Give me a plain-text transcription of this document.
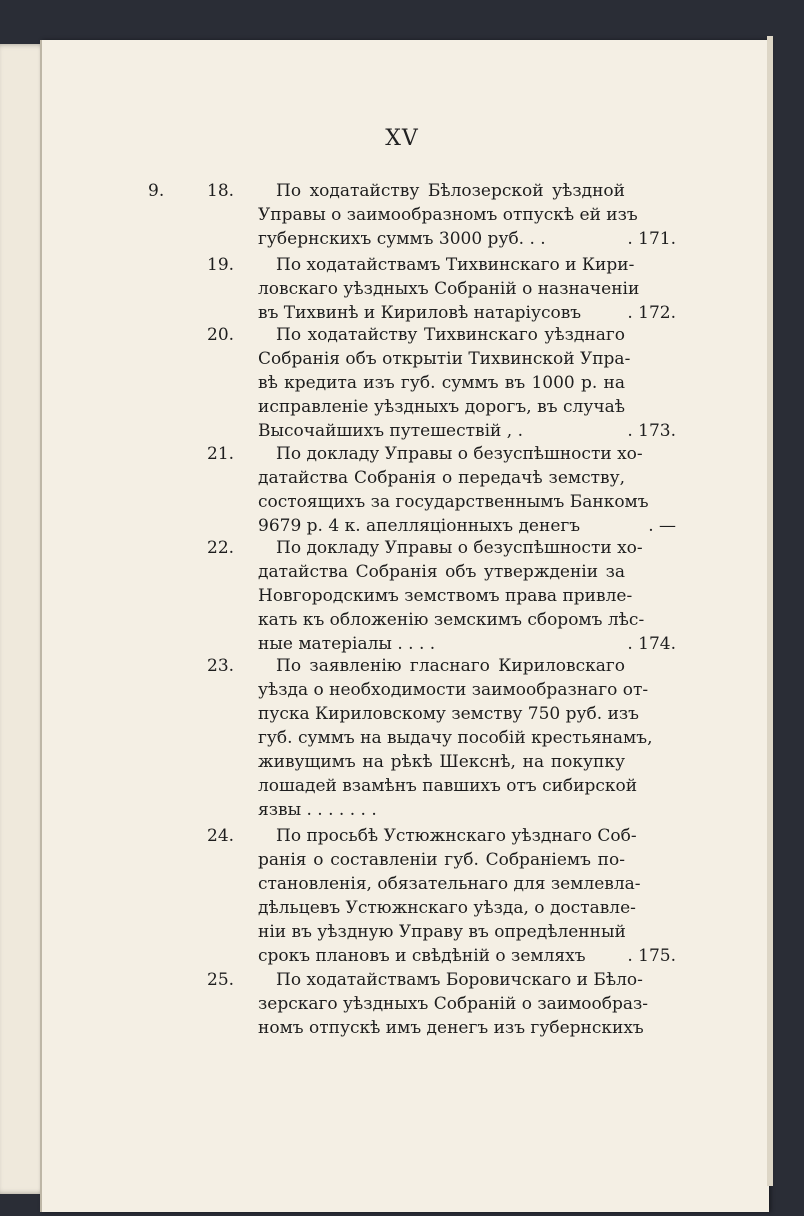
XV
9.	18. По ходатайству Бѣлозерской уѣздной
Управы о заимообразномъ отпускѣ ей изъ
губернскихъ суммъ 3000 руб. . .	. 171.
19. По ходатайствамъ Тихвинскаго и Кири-
ловскаго уѣздныхъ Собраній о назначеніи
въ Тихвинѣ и Кириловѣ натаріусовъ	. 172.
20. По ходатайству Тихвинскаго уѣзднаго
Собранія объ открытіи Тихвинской Упра-
вѣ кредита изъ губ. суммъ въ 1000 р. на
исправленіе уѣздныхъ дорогъ, въ случаѣ
Высочайшихъ путешествій , .	. 173.
21. По докладу Управы о безуспѣшности хо-
датайства Собранія о передачѣ земству,
состоящихъ за государственнымъ Банкомъ
9679 р. 4 к. апелляціонныхъ денегъ	. —
22. По докладу Управы о безуспѣшности хо-
датайства Собранія объ утвержденіи за
Новгородскимъ земствомъ права привле-
кать къ обложенію земскимъ сборомъ лѣс-
ные матеріалы . . . .	. 174.
23. По заявленію гласнаго Кириловскаго
уѣзда о необходимости заимообразнаго от-
пуска Кириловскому земству 750 руб. изъ
губ. суммъ на выдачу пособій крестьянамъ,
живущимъ на рѣкѣ Шекснѣ, на покупку
лошадей взамѣнъ павшихъ отъ сибирской
язвы . . . . . . .
24. По просьбѣ Устюжнскаго уѣзднаго Соб-
ранія о составленіи губ. Собраніемъ по-
становленія, обязательнаго для землевла-
дѣльцевъ Устюжнскаго уѣзда, о доставле-
ніи въ уѣздную Управу въ опредѣленный
срокъ плановъ и свѣдѣній о земляхъ	. 175.
25. По ходатайствамъ Боровичскаго и Бѣло-
зерскаго уѣздныхъ Собраній о заимообраз-
номъ отпускѣ имъ денегъ изъ губернскихъ
